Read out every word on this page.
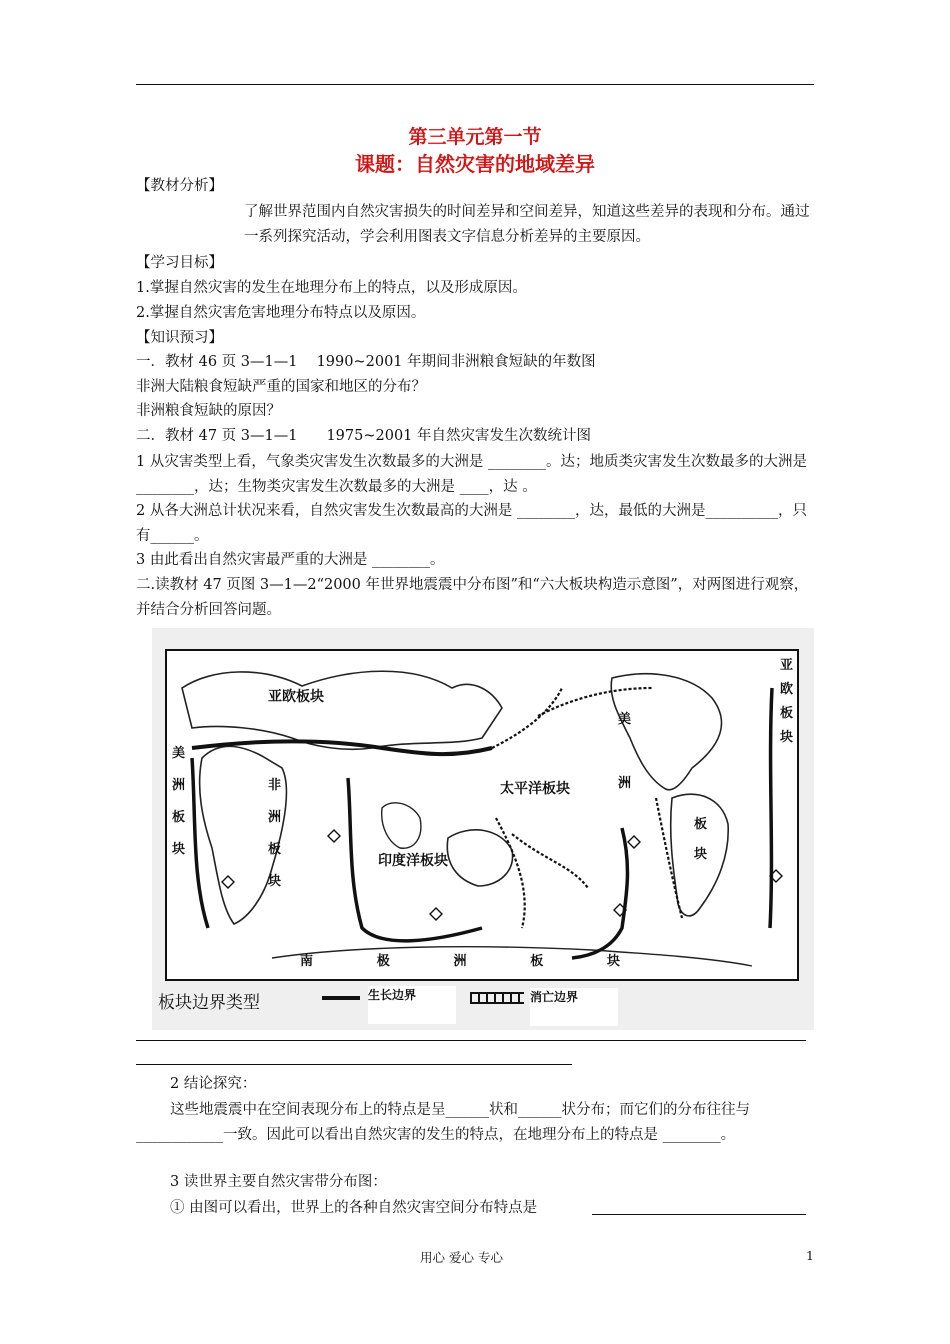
第三单元第一节
课题：自然灾害的地域差异
【教材分析】
了解世界范围内自然灾害损失的时间差异和空间差异，知道这些差异的表现和分布。通过一系列探究活动，学会利用图表文字信息分析差异的主要原因。
【学习目标】
1.掌握自然灾害的发生在地理分布上的特点，以及形成原因。
2.掌握自然灾害危害地理分布特点以及原因。
【知识预习】
一．教材 46 页 3—1—1　 1990~2001 年期间非洲粮食短缺的年数图
非洲大陆粮食短缺严重的国家和地区的分布？
非洲粮食短缺的原因？
二．教材 47 页 3—1—1　　1975~2001 年自然灾害发生次数统计图
1 从灾害类型上看，气象类灾害发生次数最多的大洲是 ________。达；地质类灾害发生次数最多的大洲是________，达；生物类灾害发生次数最多的大洲是 ____，达 。
2 从各大洲总计状况来看，自然灾害发生次数最高的大洲是 ________，达，最低的大洲是__________，只有______。
3 由此看出自然灾害最严重的大洲是 ________。
二.读教材 47 页图 3—1—2“2000 年世界地震震中分布图”和“六大板块构造示意图”，对两图进行观察，并结合分析回答问题。
亚欧板块
太平洋板块
印度洋板块
非
洲
板
块
美
洲
板
块
美
洲
板
块
亚
欧
板
块
南	极	洲	板	块
板块边界类型	生长边界	消亡边界
2 结论探究：
这些地震震中在空间表现分布上的特点是呈______状和______状分布；而它们的分布往往与____________一致。因此可以看出自然灾害的发生的特点，在地理分布上的特点是 ________。
3 读世界主要自然灾害带分布图：
① 由图可以看出，世界上的各种自然灾害空间分布特点是
用心 爱心 专心	1
